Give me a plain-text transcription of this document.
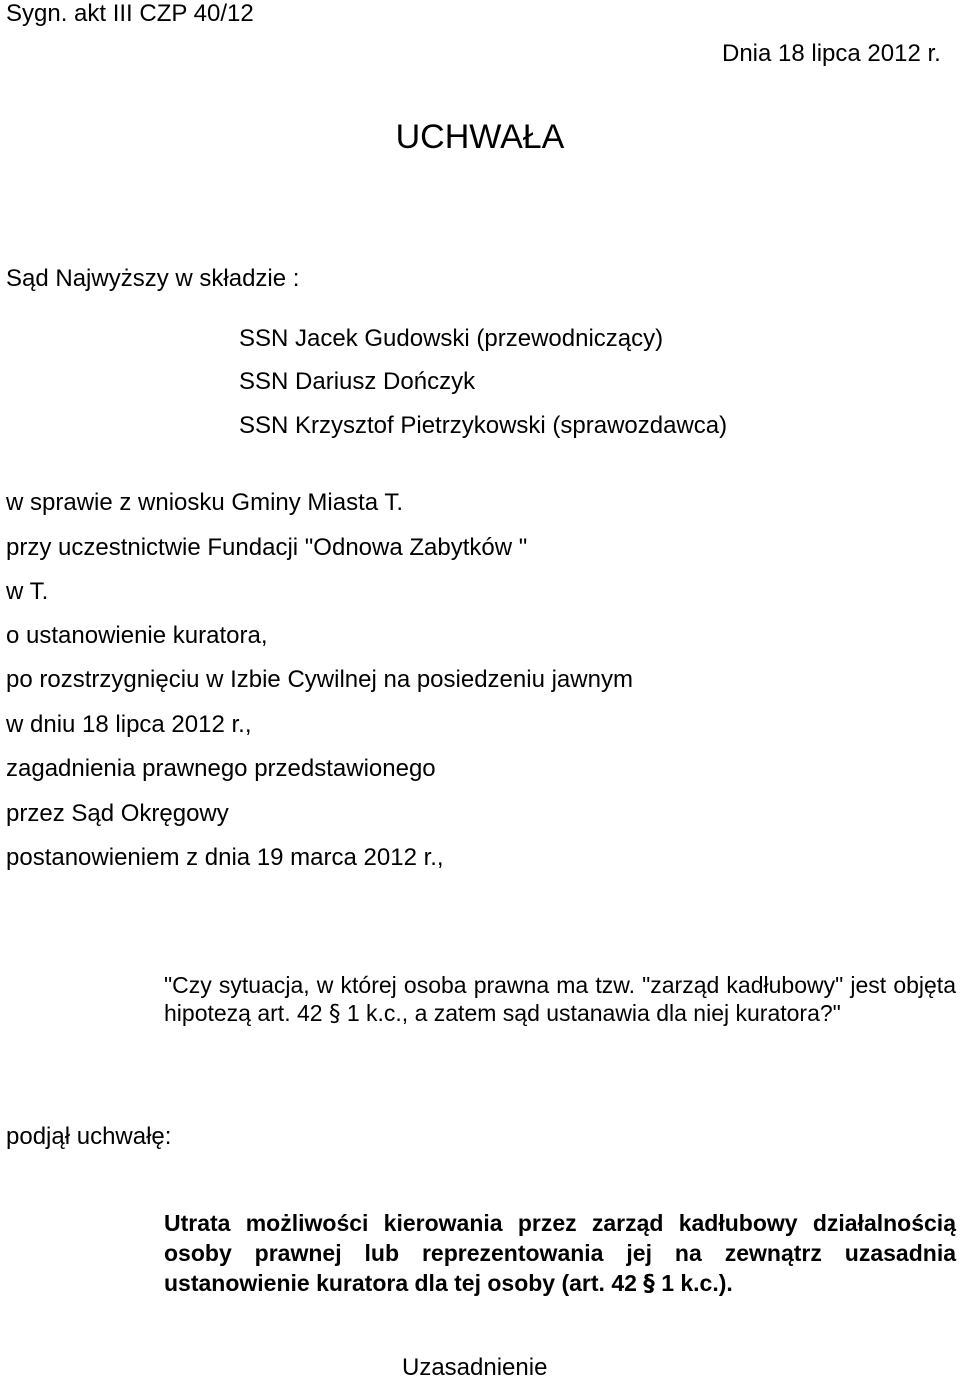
Sygn. akt III CZP 40/12
UCHWAŁA
Dnia 18 lipca 2012 r.
Sąd Najwyższy w składzie :
SSN Jacek Gudowski (przewodniczący)
SSN Dariusz Dończyk
SSN Krzysztof Pietrzykowski (sprawozdawca)
w sprawie z wniosku Gminy Miasta T.
przy uczestnictwie Fundacji "Odnowa Zabytków "
w T.
o ustanowienie kuratora,
po rozstrzygnięciu w Izbie Cywilnej na posiedzeniu jawnym
w dniu 18 lipca 2012 r.,
zagadnienia prawnego przedstawionego
przez Sąd Okręgowy
postanowieniem z dnia 19 marca 2012 r.,
"Czy sytuacja, w której osoba prawna ma tzw. "zarząd kadłubowy" jest objęta hipotezą art. 42 § 1 k.c., a zatem sąd ustanawia dla niej kuratora?"
podjął uchwałę:
Utrata możliwości kierowania przez zarząd kadłubowy działalnością osoby prawnej lub reprezentowania jej na zewnątrz uzasadnia ustanowienie kuratora dla tej osoby (art. 42 § 1 k.c.).
Uzasadnienie
